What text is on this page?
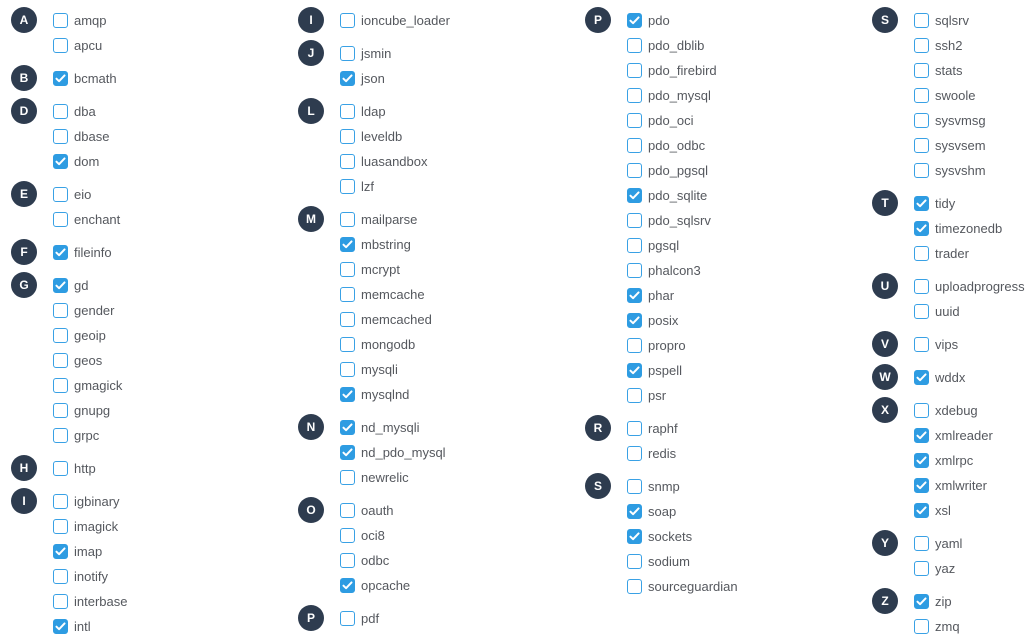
A	amqp
apcu
B	bcmath
D	dba
dbase
dom
E	eio
enchant
F	fileinfo
G	gd
gender
geoip
geos
gmagick
gnupg
grpc
H	http
I	igbinary
imagick
imap
inotify
interbase
intl
I	ioncube_loader
J	jsmin
json
L	ldap
leveldb
luasandbox
lzf
M	mailparse
mbstring
mcrypt
memcache
memcached
mongodb
mysqli
mysqlnd
N	nd_mysqli
nd_pdo_mysql
newrelic
O	oauth
oci8
odbc
opcache
P	pdf
P	pdo
pdo_dblib
pdo_firebird
pdo_mysql
pdo_oci
pdo_odbc
pdo_pgsql
pdo_sqlite
pdo_sqlsrv
pgsql
phalcon3
phar
posix
propro
pspell
psr
R	raphf
redis
S	snmp
soap
sockets
sodium
sourceguardian
S	sqlsrv
ssh2
stats
swoole
sysvmsg
sysvsem
sysvshm
T	tidy
timezonedb
trader
U	uploadprogress
uuid
V	vips
W	wddx
X	xdebug
xmlreader
xmlrpc
xmlwriter
xsl
Y	yaml
yaz
Z	zip
zmq
